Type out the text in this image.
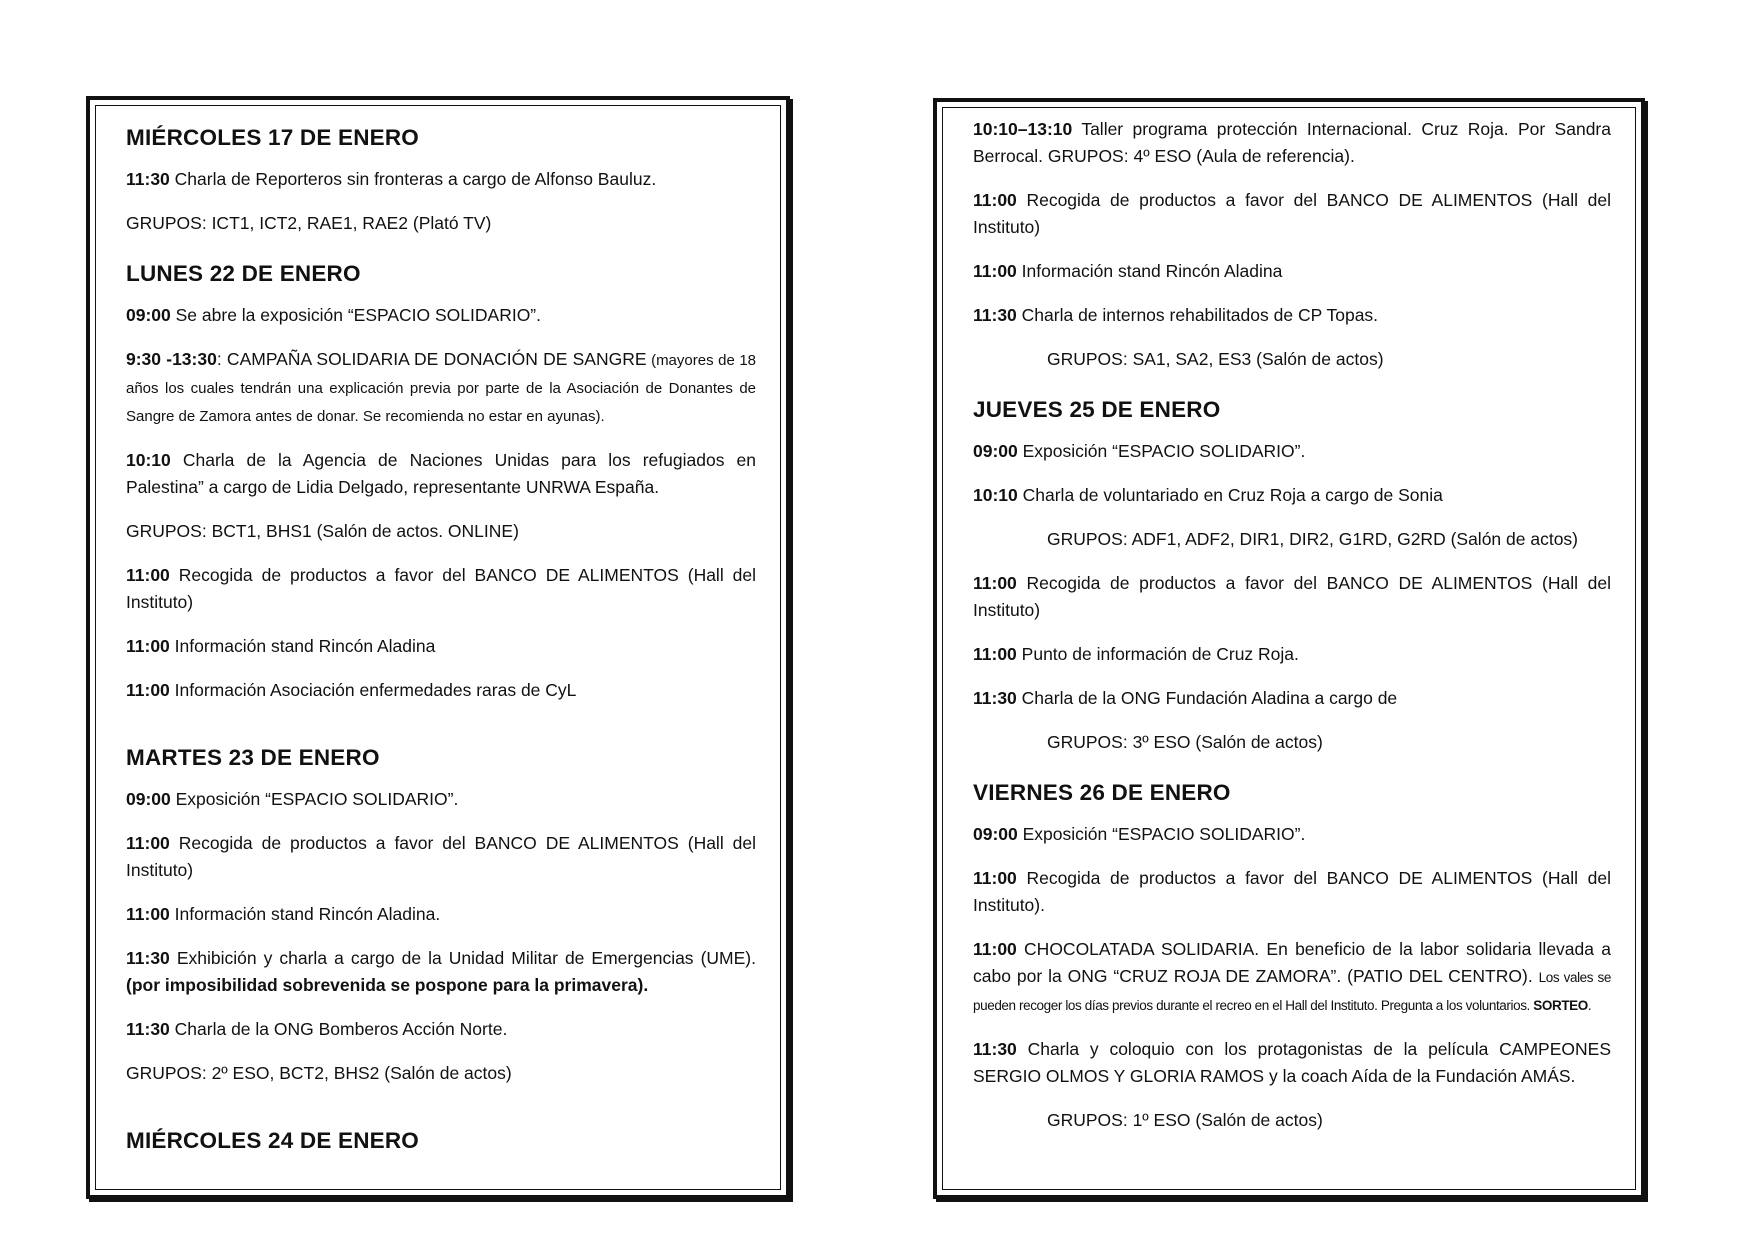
MIÉRCOLES 17 DE ENERO

11:30 Charla de Reporteros sin fronteras a cargo de Alfonso Bauluz.

GRUPOS: ICT1, ICT2, RAE1, RAE2 (Plató TV)

LUNES 22 DE ENERO

09:00 Se abre la exposición “ESPACIO SOLIDARIO”.

9:30 -13:30: CAMPAÑA SOLIDARIA DE DONACIÓN DE SANGRE (mayores de 18 años los cuales tendrán una explicación previa por parte de la Asociación de Donantes de Sangre de Zamora antes de donar. Se recomienda no estar en ayunas).

10:10 Charla de la Agencia de Naciones Unidas para los refugiados en Palestina” a cargo de Lidia Delgado, representante UNRWA España.

GRUPOS: BCT1, BHS1 (Salón de actos. ONLINE)

11:00 Recogida de productos a favor del BANCO DE ALIMENTOS (Hall del Instituto)

11:00 Información stand Rincón Aladina

11:00 Información Asociación enfermedades raras de CyL

MARTES 23 DE ENERO

09:00 Exposición “ESPACIO SOLIDARIO”.

11:00 Recogida de productos a favor del BANCO DE ALIMENTOS (Hall del Instituto)

11:00 Información stand Rincón Aladina.

11:30 Exhibición y charla a cargo de la Unidad Militar de Emergencias (UME). (por imposibilidad sobrevenida se pospone para la primavera).

11:30 Charla de la ONG Bomberos Acción Norte.

GRUPOS: 2º ESO, BCT2, BHS2 (Salón de actos)

MIÉRCOLES 24 DE ENERO

10:10–13:10 Taller programa protección Internacional. Cruz Roja. Por Sandra Berrocal. GRUPOS: 4º ESO (Aula de referencia).

11:00 Recogida de productos a favor del BANCO DE ALIMENTOS (Hall del Instituto)

11:00 Información stand Rincón Aladina

11:30 Charla de internos rehabilitados de CP Topas.

GRUPOS: SA1, SA2, ES3 (Salón de actos)

JUEVES 25 DE ENERO

09:00 Exposición “ESPACIO SOLIDARIO”.

10:10 Charla de voluntariado en Cruz Roja a cargo de Sonia

GRUPOS: ADF1, ADF2, DIR1, DIR2, G1RD, G2RD (Salón de actos)

11:00 Recogida de productos a favor del BANCO DE ALIMENTOS (Hall del Instituto)

11:00 Punto de información de Cruz Roja.

11:30 Charla de la ONG Fundación Aladina a cargo de

GRUPOS: 3º ESO (Salón de actos)

VIERNES 26 DE ENERO

09:00 Exposición “ESPACIO SOLIDARIO”.

11:00 Recogida de productos a favor del BANCO DE ALIMENTOS (Hall del Instituto).

11:00 CHOCOLATADA SOLIDARIA. En beneficio de la labor solidaria llevada a cabo por la ONG “CRUZ ROJA DE ZAMORA”. (PATIO DEL CENTRO). Los vales se pueden recoger los días previos durante el recreo en el Hall del Instituto. Pregunta a los voluntarios. SORTEO.

11:30 Charla y coloquio con los protagonistas de la película CAMPEONES SERGIO OLMOS Y GLORIA RAMOS y la coach Aída de la Fundación AMÁS.

GRUPOS: 1º ESO (Salón de actos)
